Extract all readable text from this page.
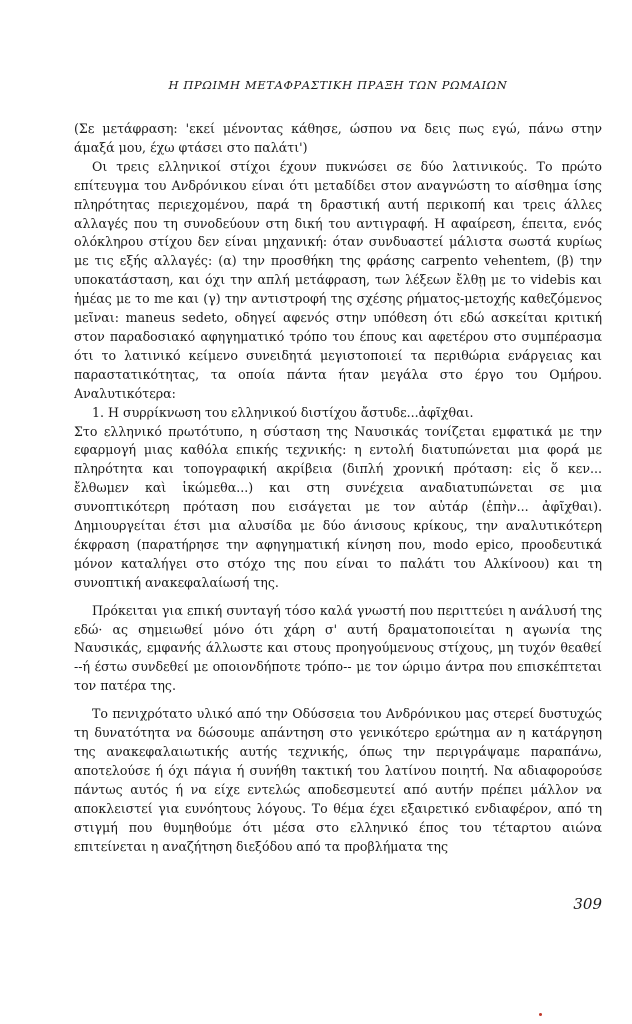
Η ΠΡΩΙΜΗ ΜΕΤΑΦΡΑΣΤΙΚΗ ΠΡΑΞΗ ΤΩΝ ΡΩΜΑΙΩΝ

(Σε μετάφραση: 'εκεί μένοντας κάθησε, ώσπου να δεις πως εγώ, πάνω στην άμαξά μου, έχω φτάσει στο παλάτι')

Οι τρεις ελληνικοί στίχοι έχουν πυκνώσει σε δύο λατινικούς. Το πρώτο επίτευγμα του Ανδρόνικου είναι ότι μεταδίδει στον αναγνώστη το αίσθημα ίσης πληρότητας περιεχομένου, παρά τη δραστική αυτή περικοπή και τρεις άλλες αλλαγές που τη συνοδεύουν στη δική του αντιγραφή. Η αφαίρεση, έπειτα, ενός ολόκληρου στίχου δεν είναι μηχανική: όταν συνδυαστεί μάλιστα σωστά κυρίως με τις εξής αλλαγές: (α) την προσθήκη της φράσης carpento vehentem, (β) την υποκατάσταση, και όχι την απλή μετάφραση, των λέξεων ἔλθῃ με το videbis και ἡμέας με το me και (γ) την αντιστροφή της σχέσης ρήματος-μετοχής καθεζόμενος μεῖναι: maneus sedeto, οδηγεί αφενός στην υπόθεση ότι εδώ ασκείται κριτική στον παραδοσιακό αφηγηματικό τρόπο του έπους και αφετέρου στο συμπέρασμα ότι το λατινικό κείμενο συνειδητά μεγιστοποιεί τα περιθώρια ενάργειας και παραστατικότητας, τα οποία πάντα ήταν μεγάλα στο έργο του Ομήρου. Αναλυτικότερα:

1. Η συρρίκνωση του ελληνικού διστίχου ἄστυδε...ἀφῖχθαι.

Στο ελληνικό πρωτότυπο, η σύσταση της Ναυσικάς τονίζεται εμφατικά με την εφαρμογή μιας καθόλα επικής τεχνικής: η εντολή διατυπώνεται μια φορά με πληρότητα και τοπογραφική ακρίβεια (διπλή χρονική πρόταση: εἰς ὅ κεν... ἔλθωμεν καὶ ἱκώμεθα...) και στη συνέχεια αναδιατυπώνεται σε μια συνοπτικότερη πρόταση που εισάγεται με τον αὐτάρ (ἐπὴν... ἀφῖχθαι). Δημιουργείται έτσι μια αλυσίδα με δύο άνισους κρίκους, την αναλυτικότερη έκφραση (παρατήρησε την αφηγηματική κίνηση που, modo epico, προοδευτικά μόνον καταλήγει στο στόχο της που είναι το παλάτι του Αλκίνοου) και τη συνοπτική ανακεφαλαίωσή της.

Πρόκειται για επική συνταγή τόσο καλά γνωστή που περιττεύει η ανάλυσή της εδώ· ας σημειωθεί μόνο ότι χάρη σ' αυτή δραματοποιείται η αγωνία της Ναυσικάς, εμφανής άλλωστε και στους προηγούμενους στίχους, μη τυχόν θεαθεί --ή έστω συνδεθεί με οποιονδήποτε τρόπο-- με τον ώριμο άντρα που επισκέπτεται τον πατέρα της.

Το πενιχρότατο υλικό από την Οδύσσεια του Ανδρόνικου μας στερεί δυστυχώς τη δυνατότητα να δώσουμε απάντηση στο γενικότερο ερώτημα αν η κατάργηση της ανακεφαλαιωτικής αυτής τεχνικής, όπως την περιγράψαμε παραπάνω, αποτελούσε ή όχι πάγια ή συνήθη τακτική του λατίνου ποιητή. Να αδιαφορούσε πάντως αυτός ή να είχε εντελώς αποδεσμευτεί από αυτήν πρέπει μάλλον να αποκλειστεί για ευνόητους λόγους. Το θέμα έχει εξαιρετικό ενδιαφέρον, από τη στιγμή που θυμηθούμε ότι μέσα στο ελληνικό έπος του τέταρτου αιώνα επιτείνεται η αναζήτηση διεξόδου από τα προβλήματα της

309
